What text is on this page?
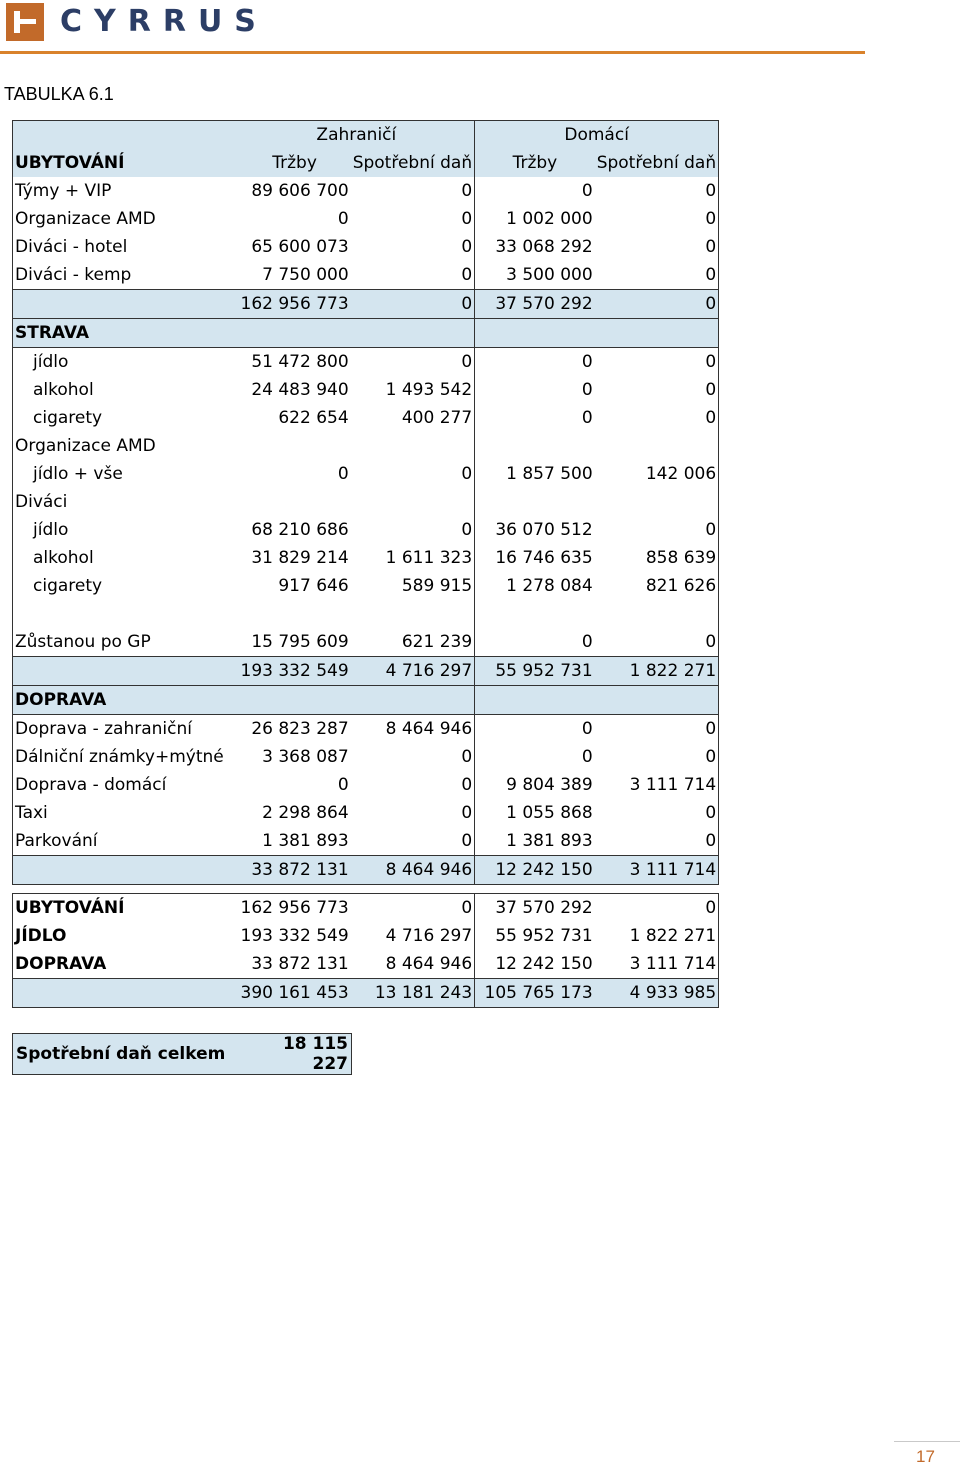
CYRRUS
TABULKA 6.1
	Zahraničí		Domácí	
UBYTOVÁNÍ	Tržby	Spotřební daň	Tržby	Spotřební daň
Týmy + VIP	89 606 700	0	0	0
Organizace AMD	0	0	1 002 000	0
Diváci - hotel	65 600 073	0	33 068 292	0
Diváci - kemp	7 750 000	0	3 500 000	0
	162 956 773	0	37 570 292	0
STRAVA				
jídlo	51 472 800	0	0	0
alkohol	24 483 940	1 493 542	0	0
cigarety	622 654	400 277	0	0
Organizace AMD				
jídlo + vše	0	0	1 857 500	142 006
Diváci				
jídlo	68 210 686	0	36 070 512	0
alkohol	31 829 214	1 611 323	16 746 635	858 639
cigarety	917 646	589 915	1 278 084	821 626

Zůstanou po GP	15 795 609	621 239	0	0
	193 332 549	4 716 297	55 952 731	1 822 271
DOPRAVA				
Doprava - zahraniční	26 823 287	8 464 946	0	0
Dálniční známky+mýtné	3 368 087	0	0	0
Doprava - domácí	0	0	9 804 389	3 111 714
Taxi	2 298 864	0	1 055 868	0
Parkování	1 381 893	0	1 381 893	0
	33 872 131	8 464 946	12 242 150	3 111 714

UBYTOVÁNÍ	162 956 773	0	37 570 292	0
JÍDLO	193 332 549	4 716 297	55 952 731	1 822 271
DOPRAVA	33 872 131	8 464 946	12 242 150	3 111 714
	390 161 453	13 181 243	105 765 173	4 933 985
Spotřební daň celkem	18 115 227
17
